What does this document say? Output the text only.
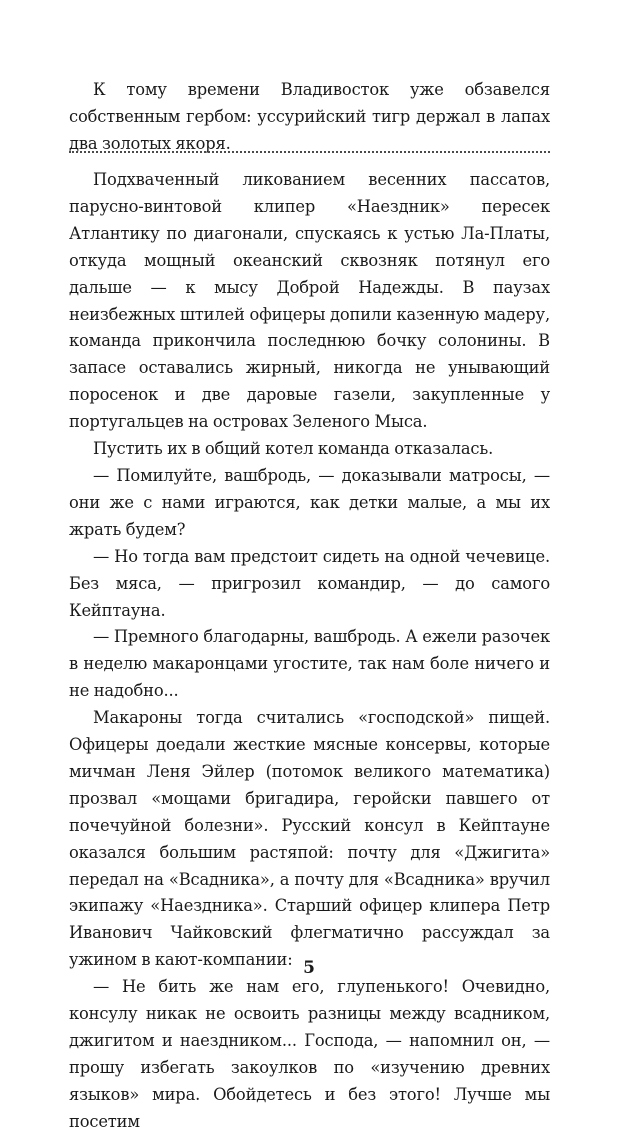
К тому времени Владивосток уже обзавелся собственным гербом: уссурийский тигр держал в лапах два золотых якоря.

Подхваченный ликованием весенних пассатов, парусно-винтовой клипер «Наездник» пересек Атлантику по диагонали, спускаясь к устью Ла-Платы, откуда мощный океанский сквозняк потянул его дальше — к мысу Доброй Надежды. В паузах неизбежных штилей офицеры допили казенную мадеру, команда прикончила последнюю бочку солонины. В запасе оставались жирный, никогда не унывающий поросенок и две даровые газели, закупленные у португальцев на островах Зеленого Мыса.

Пустить их в общий котел команда отказалась.

— Помилуйте, вашбродь, — доказывали матросы, — они же с нами играются, как детки малые, а мы их жрать будем?

— Но тогда вам предстоит сидеть на одной чечевице. Без мяса, — пригрозил командир, — до самого Кейптауна.

— Премного благодарны, вашбродь. А ежели разочек в неделю макаронцами угостите, так нам боле ничего и не надобно...

Макароны тогда считались «господской» пищей. Офицеры доедали жесткие мясные консервы, которые мичман Леня Эйлер (потомок великого математика) прозвал «мощами бригадира, геройски павшего от почечуйной болезни». Русский консул в Кейптауне оказался большим растяпой: почту для «Джигита» передал на «Всадника», а почту для «Всадника» вручил экипажу «Наездника». Старший офицер клипера Петр Иванович Чайковский флегматично рассуждал за ужином в кают-компании:

— Не бить же нам его, глупенького! Очевидно, консулу никак не освоить разницы между всадником, джигитом и наездником... Господа, — напомнил он, — прошу избегать закоулков по «изучению древних языков» мира. Обойдетесь и без этого! Лучше мы посетим

5
